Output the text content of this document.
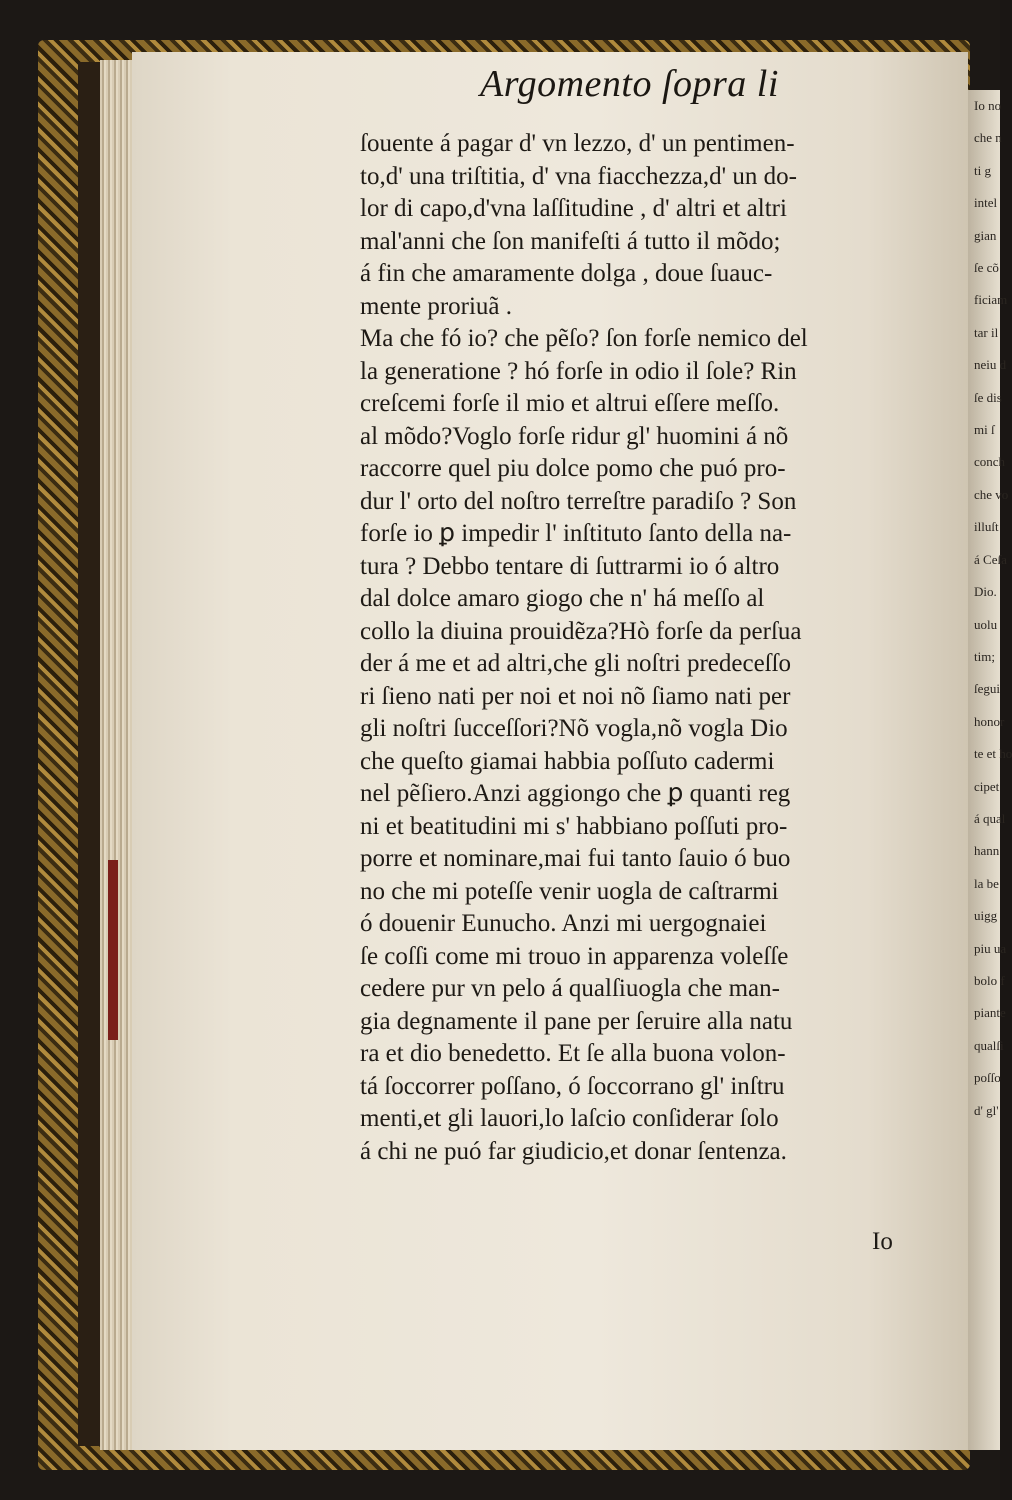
Io no
che n
ti g
intel
gian
ſe cõ
ficiam
tar il
neiu d
ſe dis
mi ſ
conch
che vo
illuſt
á Ceſa
Dio.
uolu
tim;
ſegui
honor
te et ho
cipet
á qual
hann
la be
uigg
piu ua
bolo f
piante
qualſi
poſſo
d' gl'
Argomento ſopra li
ſouente á pagar d' vn lezzo, d' un pentimen-
to,d' una triſtitia, d' vna fiacchezza,d' un do-
lor di capo,d'vna laſſitudine , d' altri et altri
mal'anni che ſon manifeſti á tutto il mõdo;
á fin che amaramente dolga , doue ſuauc-
mente proriuã .
Ma che fó io? che pẽſo? ſon forſe nemico del
la generatione ? hó forſe in odio il ſole? Rin
creſcemi forſe il mio et altrui eſſere meſſo.
al mõdo?Voglo forſe ridur gl' huomini á nõ
raccorre quel piu dolce pomo che puó pro-
dur l' orto del noſtro terreſtre paradiſo ? Son
forſe io ꝑ impedir l' inſtituto ſanto della na-
tura ? Debbo tentare di ſuttrarmi io ó altro
dal dolce amaro giogo che n' há meſſo al
collo la diuina prouidẽza?Hò forſe da perſua
der á me et ad altri,che gli noſtri predeceſſo
ri ſieno nati per noi et noi nõ ſiamo nati per
gli noſtri ſucceſſori?Nõ vogla,nõ vogla Dio
che queſto giamai habbia poſſuto cadermi
nel pẽſiero.Anzi aggiongo che ꝑ quanti reg
ni et beatitudini mi s' habbiano poſſuti pro-
porre et nominare,mai fui tanto ſauio ó buo
no che mi poteſſe venir uogla de caſtrarmi
ó douenir Eunucho. Anzi mi uergognaiei
ſe coſſi come mi trouo in apparenza voleſſe
cedere pur vn pelo á qualſiuogla che man-
gia degnamente il pane per ſeruire alla natu
ra et dio benedetto. Et ſe alla buona volon-
tá ſoccorrer poſſano, ó ſoccorrano gl' inſtru
menti,et gli lauori,lo laſcio conſiderar ſolo
á chi ne puó far giudicio,et donar ſentenza.
Io
